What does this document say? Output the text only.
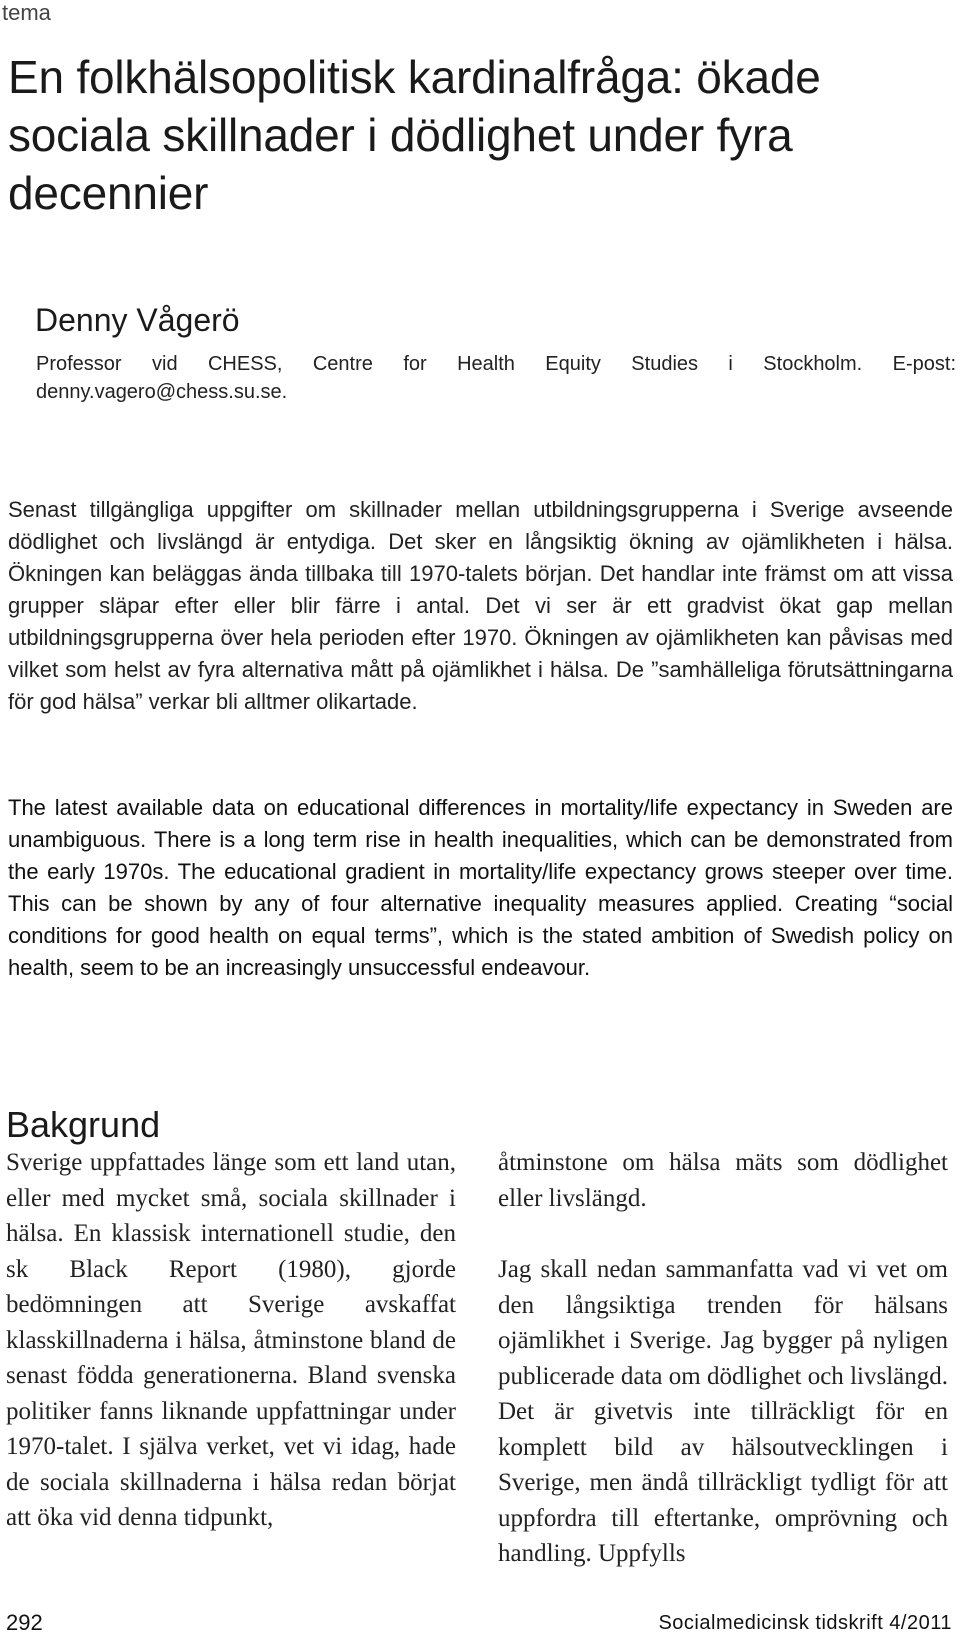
tema
En folkhälsopolitisk kardinalfråga: ökade sociala skillnader i dödlighet under fyra decennier
Denny Vågerö
Professor vid CHESS, Centre for Health Equity Studies i Stockholm. E-post: denny.vagero@chess.su.se.

Senast tillgängliga uppgifter om skillnader mellan utbildningsgrupperna i Sverige avseende dödlighet och livslängd är entydiga. Det sker en långsiktig ökning av ojämlikheten i hälsa. Ökningen kan beläggas ända tillbaka till 1970-talets början. Det handlar inte främst om att vissa grupper släpar efter eller blir färre i antal. Det vi ser är ett gradvist ökat gap mellan utbildningsgrupperna över hela perioden efter 1970. Ökningen av ojämlikheten kan påvisas med vilket som helst av fyra alternativa mått på ojämlikhet i hälsa. De ”samhälleliga förutsättningarna för god hälsa” verkar bli alltmer olikartade.

The latest available data on educational differences in mortality/life expectancy in Sweden are unambiguous. There is a long term rise in health inequalities, which can be demonstrated from the early 1970s. The educational gradient in mortality/life expectancy grows steeper over time. This can be shown by any of four alternative inequality measures applied. Creating “social conditions for good health on equal terms”, which is the stated ambition of Swedish policy on health, seem to be an increasingly unsuccessful endeavour.

Bakgrund

Sverige uppfattades länge som ett land utan, eller med mycket små, sociala skillnader i hälsa. En klassisk internationell studie, den sk Black Report (1980), gjorde bedömningen att Sverige avskaffat klasskillnaderna i hälsa, åtminstone bland de senast födda generationerna. Bland svenska politiker fanns liknande uppfattningar under 1970-talet. I själva verket, vet vi idag, hade de sociala skillnaderna i hälsa redan börjat att öka vid denna tidpunkt,

åtminstone om hälsa mäts som dödlighet eller livslängd.

Jag skall nedan sammanfatta vad vi vet om den långsiktiga trenden för hälsans ojämlikhet i Sverige. Jag bygger på nyligen publicerade data om dödlighet och livslängd. Det är givetvis inte tillräckligt för en komplett bild av hälsoutvecklingen i Sverige, men ändå tillräckligt tydligt för att uppfordra till eftertanke, omprövning och handling. Uppfylls

292	Socialmedicinsk tidskrift 4/2011
